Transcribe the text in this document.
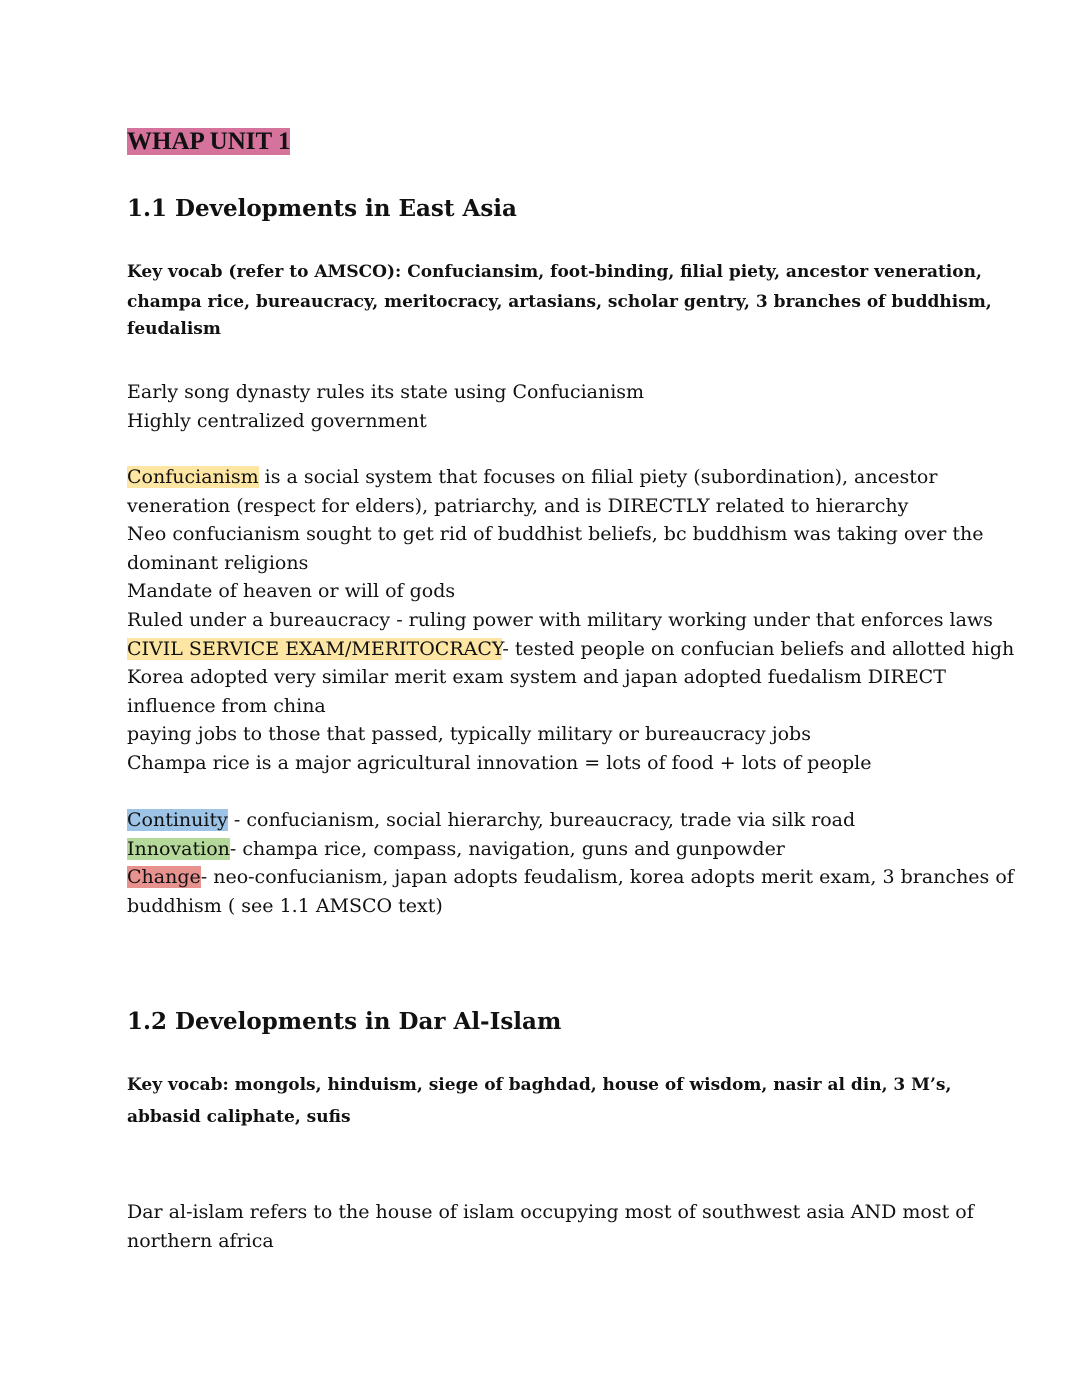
WHAP UNIT 1
1.1 Developments in East Asia
Key vocab (refer to AMSCO): Confuciansim, foot-binding, filial piety, ancestor veneration,
champa rice, bureaucracy, meritocracy, artasians, scholar gentry, 3 branches of buddhism,
feudalism
Early song dynasty rules its state using Confucianism
Highly centralized government
Confucianism is a social system that focuses on filial piety (subordination), ancestor
veneration (respect for elders), patriarchy, and is DIRECTLY related to hierarchy
Neo confucianism sought to get rid of buddhist beliefs, bc buddhism was taking over the
dominant religions
Mandate of heaven or will of gods
Ruled under a bureaucracy - ruling power with military working under that enforces laws
CIVIL SERVICE EXAM/MERITOCRACY- tested people on confucian beliefs and allotted high
Korea adopted very similar merit exam system and japan adopted fuedalism DIRECT
influence from china
paying jobs to those that passed, typically military or bureaucracy jobs
Champa rice is a major agricultural innovation = lots of food + lots of people
Continuity - confucianism, social hierarchy, bureaucracy, trade via silk road
Innovation- champa rice, compass, navigation, guns and gunpowder
Change- neo-confucianism, japan adopts feudalism, korea adopts merit exam, 3 branches of
buddhism ( see 1.1 AMSCO text)
1.2 Developments in Dar Al-Islam
Key vocab: mongols, hinduism, siege of baghdad, house of wisdom, nasir al din, 3 M’s,
abbasid caliphate, sufis
Dar al-islam refers to the house of islam occupying most of southwest asia AND most of
northern africa
